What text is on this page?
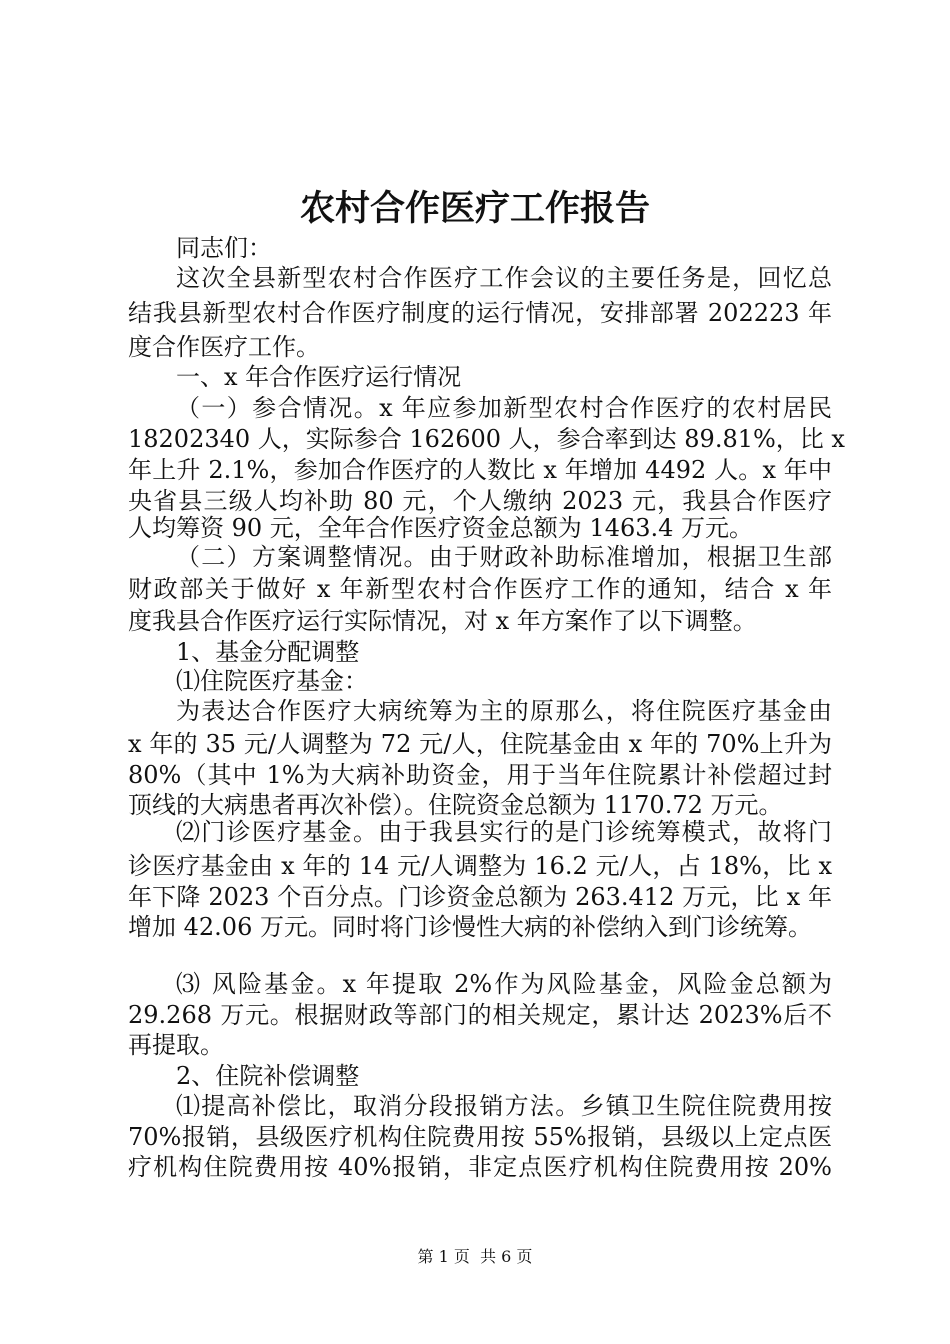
农村合作医疗工作报告

同志们：

这次全县新型农村合作医疗工作会议的主要任务是，回忆总

结我县新型农村合作医疗制度的运行情况，安排部署 202223 年

度合作医疗工作。

一、x 年合作医疗运行情况

（一）参合情况。x 年应参加新型农村合作医疗的农村居民

18202340 人，实际参合 162600 人，参合率到达 89.81%，比 x

年上升 2.1%，参加合作医疗的人数比 x 年增加 4492 人。x 年中

央省县三级人均补助 80 元，个人缴纳 2023 元，我县合作医疗

人均筹资 90 元，全年合作医疗资金总额为 1463.4 万元。

（二）方案调整情况。由于财政补助标准增加，根据卫生部

财政部关于做好 x 年新型农村合作医疗工作的通知，结合 x 年

度我县合作医疗运行实际情况，对 x 年方案作了以下调整。

1、基金分配调整

⑴住院医疗基金：

为表达合作医疗大病统筹为主的原那么，将住院医疗基金由

x 年的 35 元/人调整为 72 元/人，住院基金由 x 年的 70%上升为

80%（其中 1%为大病补助资金，用于当年住院累计补偿超过封

顶线的大病患者再次补偿）。住院资金总额为 1170.72 万元。

⑵门诊医疗基金。由于我县实行的是门诊统筹模式，故将门

诊医疗基金由 x 年的 14 元/人调整为 16.2 元/人，占 18%，比 x

年下降 2023 个百分点。门诊资金总额为 263.412 万元，比 x 年

增加 42.06 万元。同时将门诊慢性大病的补偿纳入到门诊统筹。

⑶ 风险基金。x 年提取 2%作为风险基金，风险金总额为

29.268 万元。根据财政等部门的相关规定，累计达 2023%后不

再提取。

2、住院补偿调整

⑴提高补偿比，取消分段报销方法。乡镇卫生院住院费用按

70%报销，县级医疗机构住院费用按 55%报销，县级以上定点医

疗机构住院费用按 40%报销，非定点医疗机构住院费用按 20%

第 1 页  共 6 页
